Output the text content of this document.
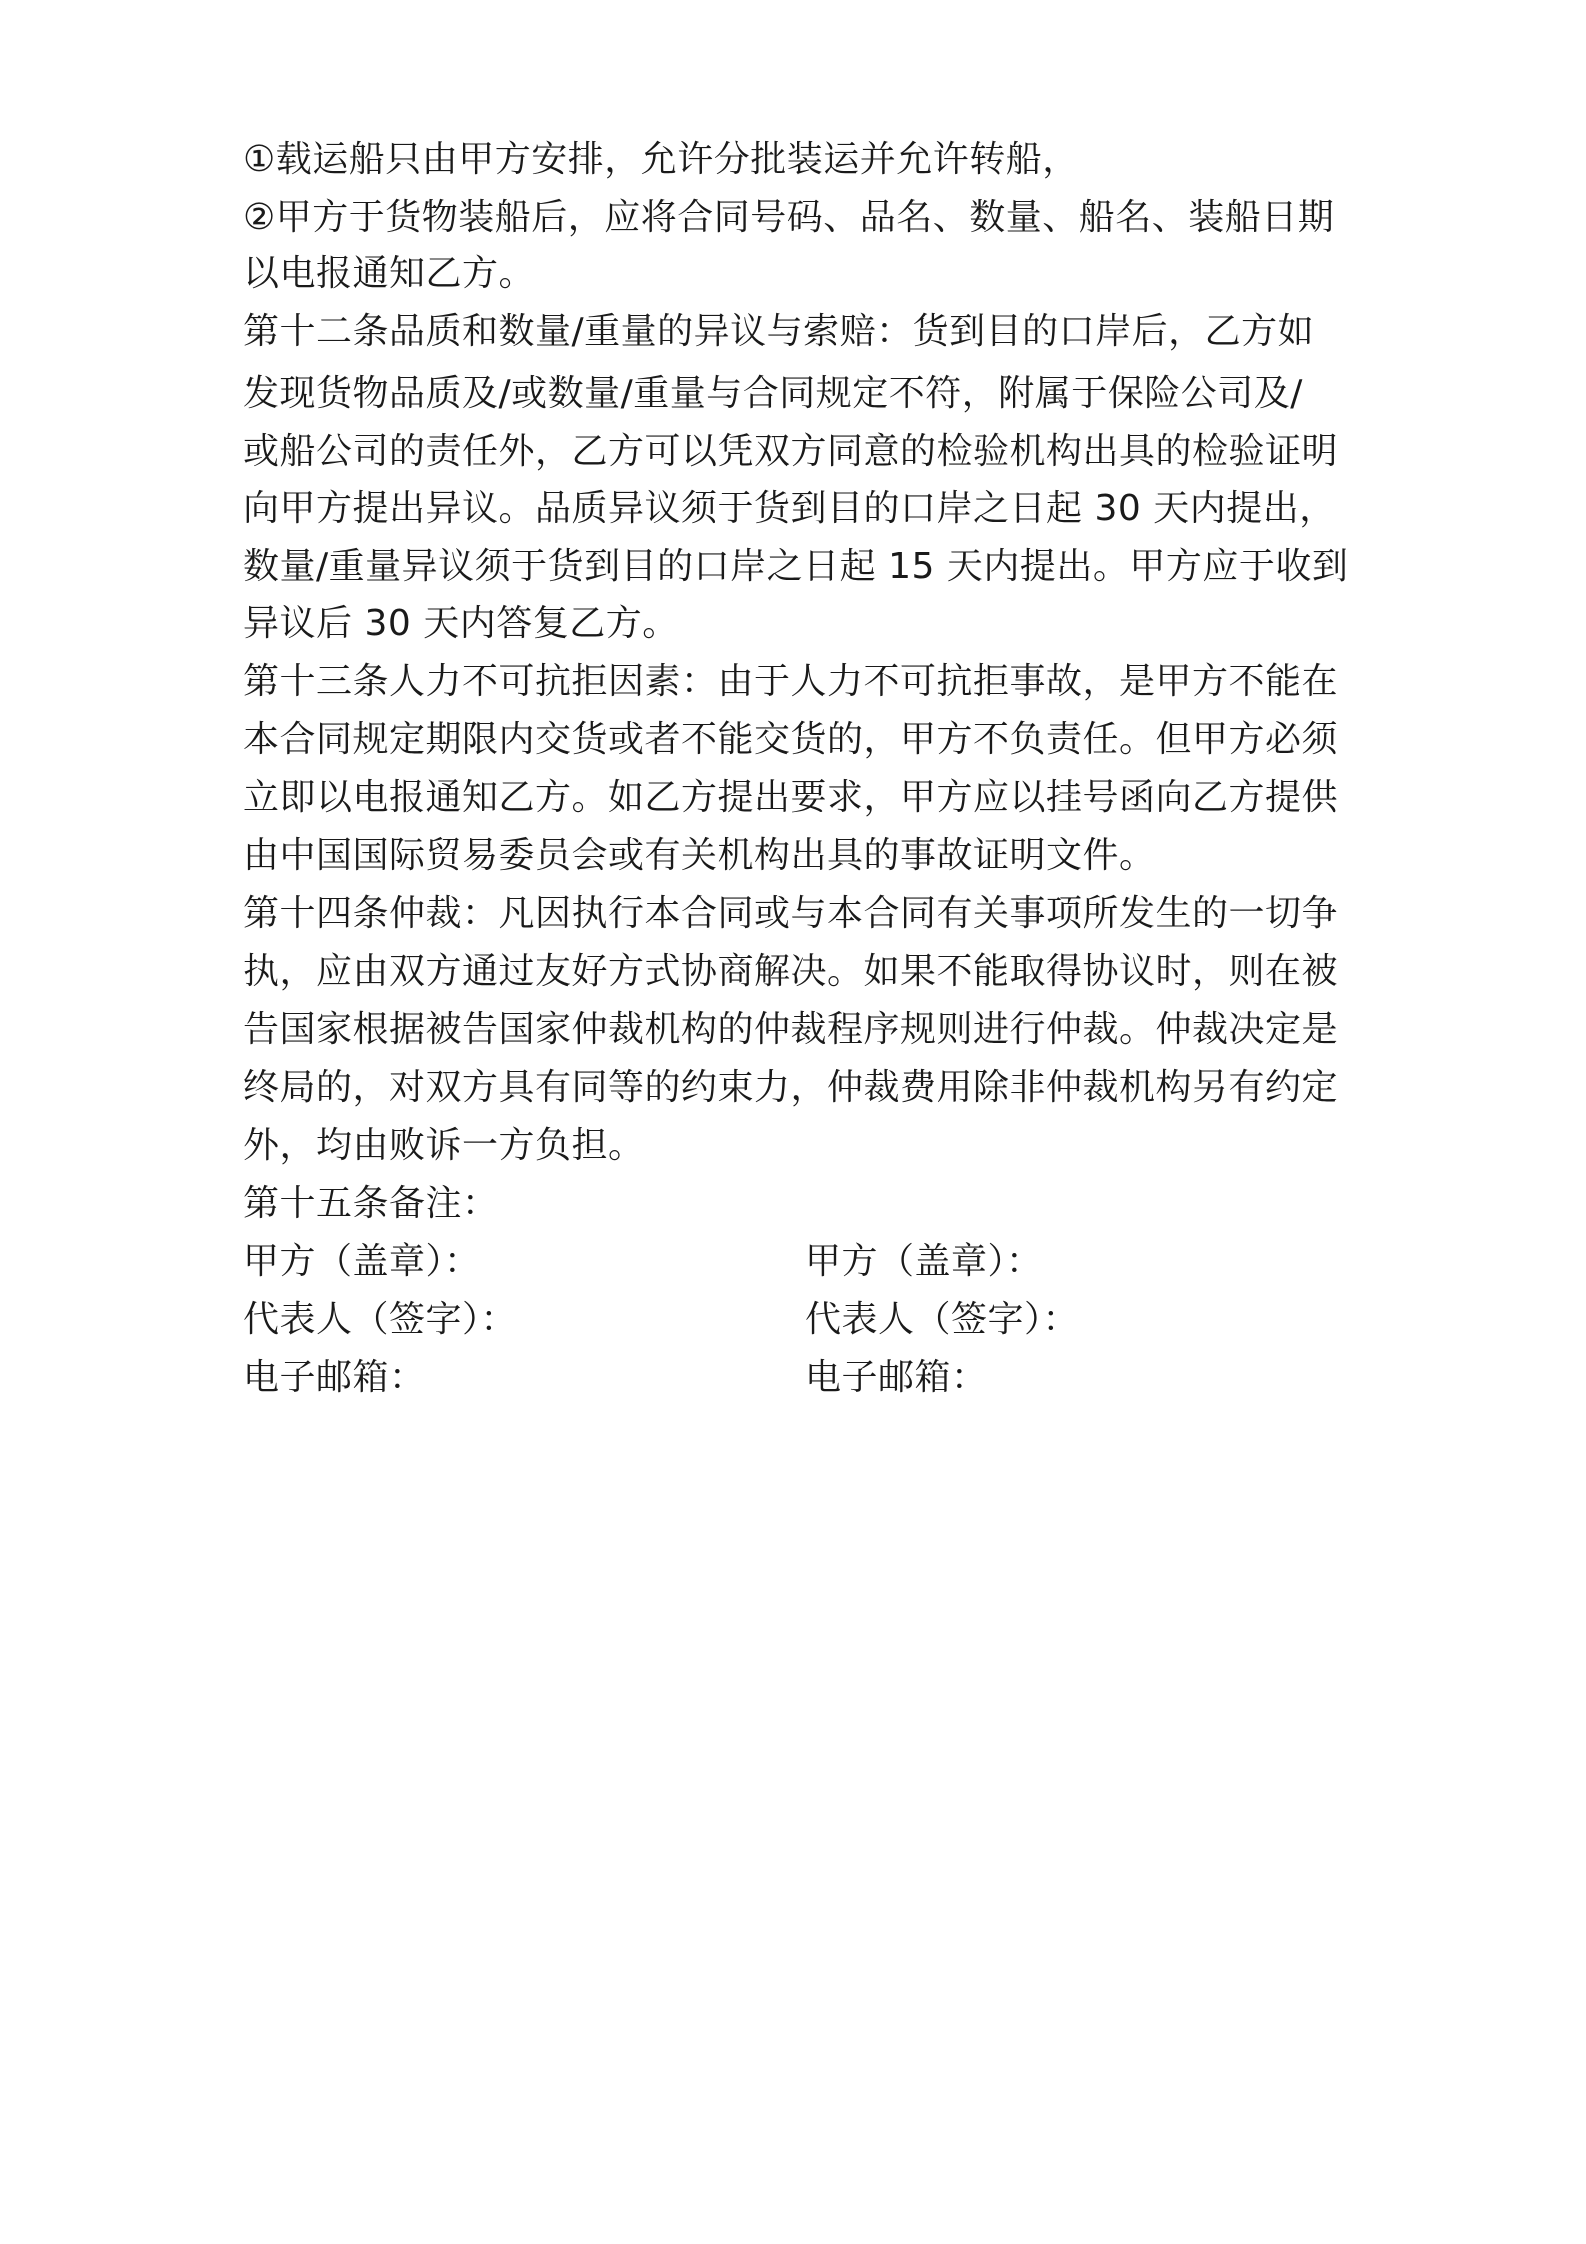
①载运船只由甲方安排，允许分批装运并允许转船，
②甲方于货物装船后，应将合同号码、品名、数量、船名、装船日期
以电报通知乙方。
第十二条品质和数量/重量的异议与索赔：货到目的口岸后，乙方如
发现货物品质及/或数量/重量与合同规定不符，附属于保险公司及/
或船公司的责任外，乙方可以凭双方同意的检验机构出具的检验证明
向甲方提出异议。品质异议须于货到目的口岸之日起 30 天内提出，
数量/重量异议须于货到目的口岸之日起 15 天内提出。甲方应于收到
异议后 30 天内答复乙方。
第十三条人力不可抗拒因素：由于人力不可抗拒事故，是甲方不能在
本合同规定期限内交货或者不能交货的，甲方不负责任。但甲方必须
立即以电报通知乙方。如乙方提出要求，甲方应以挂号函向乙方提供
由中国国际贸易委员会或有关机构出具的事故证明文件。
第十四条仲裁：凡因执行本合同或与本合同有关事项所发生的一切争
执，应由双方通过友好方式协商解决。如果不能取得协议时，则在被
告国家根据被告国家仲裁机构的仲裁程序规则进行仲裁。仲裁决定是
终局的，对双方具有同等的约束力，仲裁费用除非仲裁机构另有约定
外，均由败诉一方负担。
第十五条备注：
甲方（盖章）：	甲方（盖章）：
代表人（签字）：	代表人（签字）：
电子邮箱：	电子邮箱：
